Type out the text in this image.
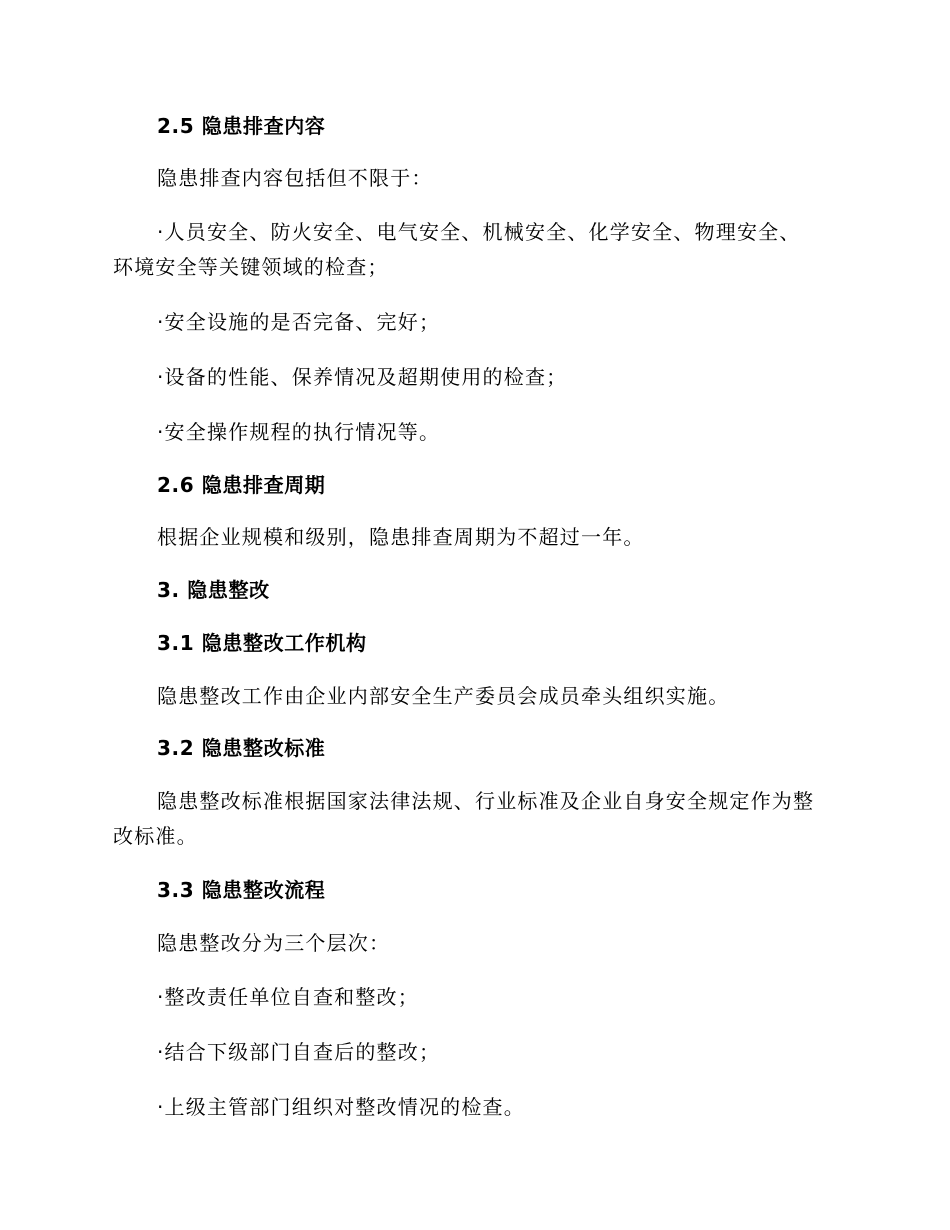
2.5 隐患排查内容
隐患排查内容包括但不限于：
·人员安全、防火安全、电气安全、机械安全、化学安全、物理安全、
环境安全等关键领域的检查；
·安全设施的是否完备、完好；
·设备的性能、保养情况及超期使用的检查；
·安全操作规程的执行情况等。
2.6 隐患排查周期
根据企业规模和级别，隐患排查周期为不超过一年。
3. 隐患整改
3.1 隐患整改工作机构
隐患整改工作由企业内部安全生产委员会成员牵头组织实施。
3.2 隐患整改标准
隐患整改标准根据国家法律法规、行业标准及企业自身安全规定作为整
改标准。
3.3 隐患整改流程
隐患整改分为三个层次：
·整改责任单位自查和整改；
·结合下级部门自查后的整改；
·上级主管部门组织对整改情况的检查。
